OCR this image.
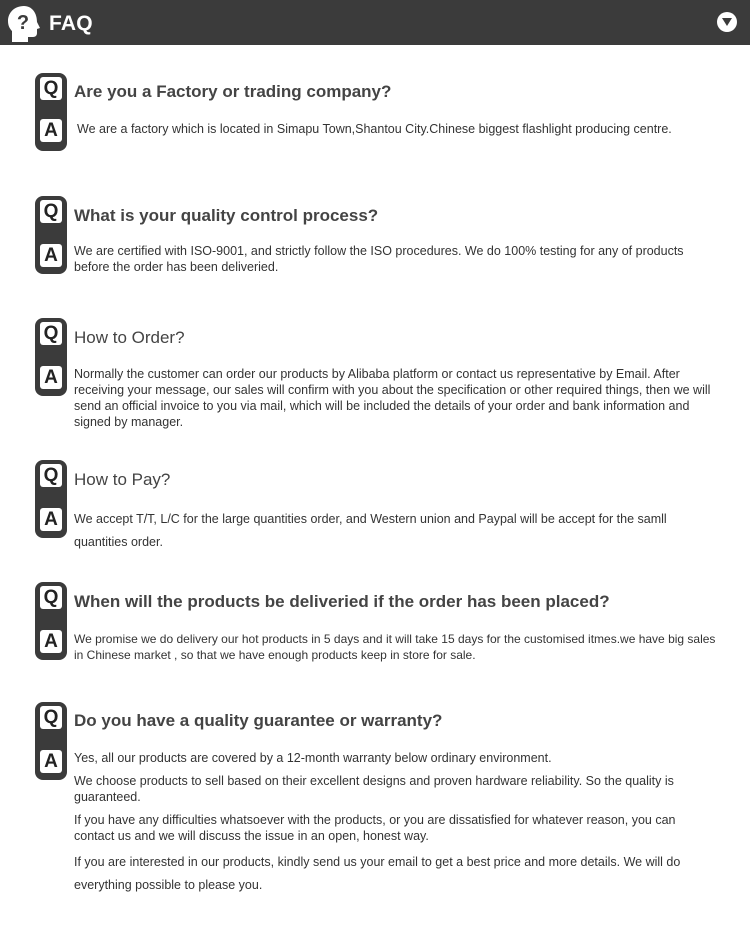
? FAQ
Q
A
Are you a Factory or trading company?

We are a factory which is located in Simapu Town,Shantou City.Chinese biggest flashlight producing centre.

Q
A
What is your quality control process?

We are certified with ISO-9001, and strictly follow the ISO procedures. We do 100% testing for any of products before the order has been deliveried.

Q
A
How to Order?

Normally the customer can order our products by Alibaba platform or contact us representative by Email. After receiving your message, our sales will confirm with you about the specification or other required things, then we will send an official invoice to you via mail, which will be included the details of your order and bank information and signed by manager.

Q
A
How to Pay?

We accept T/T, L/C for the large quantities order, and Western union and Paypal will be accept for the samll quantities order.

Q
A
When will the products be deliveried if the order has been placed?

We promise we do delivery our hot products in 5 days and it will take 15 days for the customised itmes.we have big sales in Chinese market , so that we have enough products keep in store for sale.

Q
A
Do you have a quality guarantee or warranty?

Yes, all our products are covered by a 12-month warranty below ordinary environment.

We choose products to sell based on their excellent designs and proven hardware reliability. So the quality is guaranteed.

If you have any difficulties whatsoever with the products, or you are dissatisfied for whatever reason, you can contact us and we will discuss the issue in an open, honest way.

If you are interested in our products, kindly send us your email to get a best price and more details. We will do everything possible to please you.
